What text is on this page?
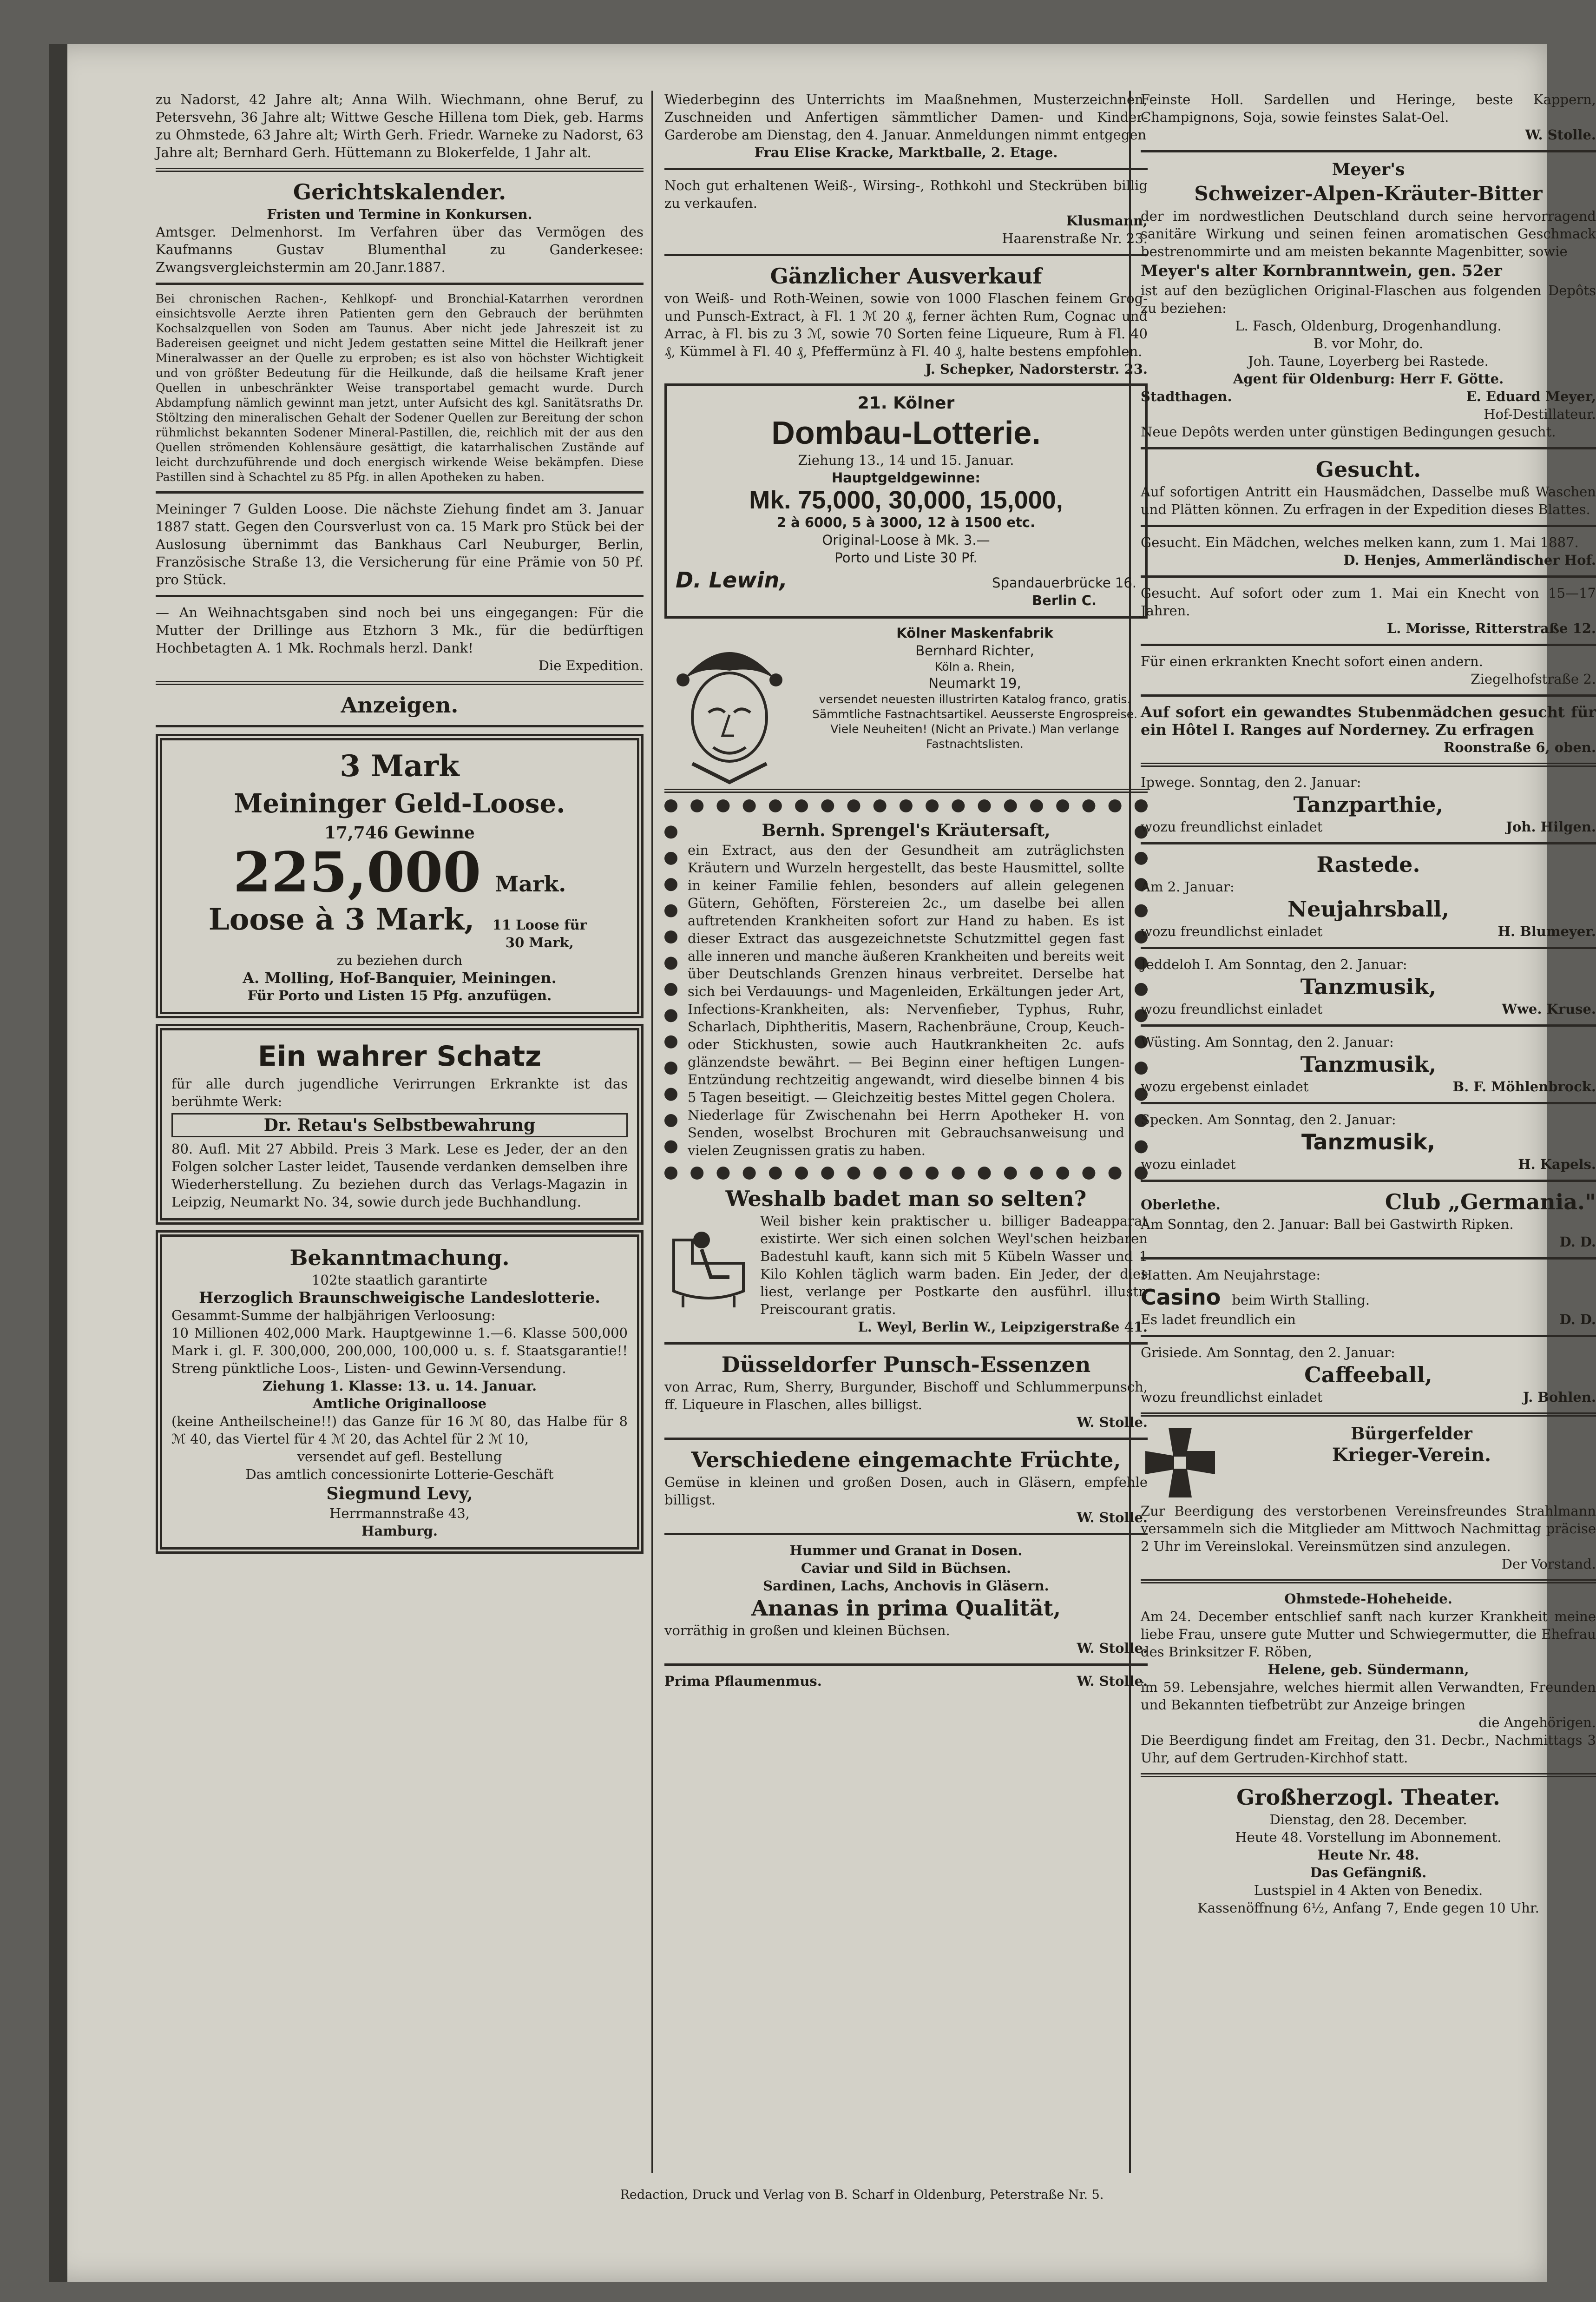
zu Nadorst, 42 Jahre alt; Anna Wilh. Wiechmann, ohne Beruf, zu Petersvehn, 36 Jahre alt; Wittwe Gesche Hillena tom Diek, geb. Harms zu Ohmstede, 63 Jahre alt; Wirth Gerh. Friedr. Warneke zu Nadorst, 63 Jahre alt; Bernhard Gerh. Hüttemann zu Blokerfelde, 1 Jahr alt.

Gerichtskalender.

Fristen und Termine in Konkursen.

Amtsger. Delmenhorst. Im Verfahren über das Vermögen des Kaufmanns Gustav Blumenthal zu Ganderkesee: Zwangsvergleichstermin am 20.Janr.1887.

Bei chronischen Rachen-, Kehlkopf- und Bronchial-Katarrhen verordnen einsichtsvolle Aerzte ihren Patienten gern den Gebrauch der berühmten Kochsalzquellen von Soden am Taunus. Aber nicht jede Jahreszeit ist zu Badereisen geeignet und nicht Jedem gestatten seine Mittel die Heilkraft jener Mineralwasser an der Quelle zu erproben; es ist also von höchster Wichtigkeit und von größter Bedeutung für die Heilkunde, daß die heilsame Kraft jener Quellen in unbeschränkter Weise transportabel gemacht wurde. Durch Abdampfung nämlich gewinnt man jetzt, unter Aufsicht des kgl. Sanitätsraths Dr. Stöltzing den mineralischen Gehalt der Sodener Quellen zur Bereitung der schon rühmlichst bekannten Sodener Mineral-Pastillen, die, reichlich mit der aus den Quellen strömenden Kohlensäure gesättigt, die katarrhalischen Zustände auf leicht durchzuführende und doch energisch wirkende Weise bekämpfen. Diese Pastillen sind à Schachtel zu 85 Pfg. in allen Apotheken zu haben.

Meininger 7 Gulden Loose. Die nächste Ziehung findet am 3. Januar 1887 statt. Gegen den Coursverlust von ca. 15 Mark pro Stück bei der Auslosung übernimmt das Bankhaus Carl Neuburger, Berlin, Französische Straße 13, die Versicherung für eine Prämie von 50 Pf. pro Stück.

— An Weihnachtsgaben sind noch bei uns eingegangen: Für die Mutter der Drillinge aus Etzhorn 3 Mk., für die bedürftigen Hochbetagten A. 1 Mk. Rochmals herzl. Dank!

Die Expedition.

Anzeigen.

3 Mark

Meininger Geld-Loose.

17,746 Gewinne

225,000 Mark.
Loose à 3 Mark, 11 Loose für 30 Mark,

zu beziehen durch

A. Molling, Hof-Banquier, Meiningen.

Für Porto und Listen 15 Pfg. anzufügen.

Ein wahrer Schatz

für alle durch jugendliche Verirrungen Erkrankte ist das berühmte Werk:

Dr. Retau's Selbstbewahrung

80. Aufl. Mit 27 Abbild. Preis 3 Mark. Lese es Jeder, der an den Folgen solcher Laster leidet, Tausende verdanken demselben ihre Wiederherstellung. Zu beziehen durch das Verlags-Magazin in Leipzig, Neumarkt No. 34, sowie durch jede Buchhandlung.

Bekanntmachung.

102te staatlich garantirte

Herzoglich Braunschweigische Landeslotterie.

Gesammt-Summe der halbjährigen Verloosung:

10 Millionen 402,000 Mark. Hauptgewinne 1.—6. Klasse 500,000 Mark i. gl. F. 300,000, 200,000, 100,000 u. s. f. Staatsgarantie!! Streng pünktliche Loos-, Listen- und Gewinn-Versendung.

Ziehung 1. Klasse: 13. u. 14. Januar.

Amtliche Originalloose

(keine Antheilscheine!!) das Ganze für 16 ℳ 80, das Halbe für 8 ℳ 40, das Viertel für 4 ℳ 20, das Achtel für 2 ℳ 10,

versendet auf gefl. Bestellung

Das amtlich concessionirte Lotterie-Geschäft

Siegmund Levy,

Herrmannstraße 43,

Hamburg.

Wiederbeginn des Unterrichts im Maaßnehmen, Musterzeichnen, Zuschneiden und Anfertigen sämmtlicher Damen- und Kinder-Garderobe am Dienstag, den 4. Januar. Anmeldungen nimmt entgegen

Frau Elise Kracke, Marktballe, 2. Etage.

Noch gut erhaltenen Weiß-, Wirsing-, Rothkohl und Steckrüben billig zu verkaufen.

Klusmann,

Haarenstraße Nr. 23.

Gänzlicher Ausverkauf

von Weiß- und Roth-Weinen, sowie von 1000 Flaschen feinem Grog- und Punsch-Extract, à Fl. 1 ℳ 20 ₰, ferner ächten Rum, Cognac und Arrac, à Fl. bis zu 3 ℳ, sowie 70 Sorten feine Liqueure, Rum à Fl. 40 ₰, Kümmel à Fl. 40 ₰, Pfeffermünz à Fl. 40 ₰, halte bestens empfohlen.

J. Schepker, Nadorsterstr. 23.

21. Kölner

Dombau-Lotterie.

Ziehung 13., 14 und 15. Januar.

Hauptgeldgewinne:

Mk. 75,000, 30,000, 15,000,

2 à 6000, 5 à 3000, 12 à 1500 etc.

Original-Loose à Mk. 3.—

Porto und Liste 30 Pf.

D. Lewin,	Spandauerbrücke 16.
Berlin C.

Kölner Maskenfabrik

Bernhard Richter,

Köln a. Rhein,

Neumarkt 19,

versendet neuesten illustrirten Katalog franco, gratis. Sämmtliche Fastnachtsartikel. Aeusserste Engrospreise. Viele Neuheiten! (Nicht an Private.) Man verlange Fastnachtslisten.

Bernh. Sprengel's Kräutersaft,

ein Extract, aus den der Gesundheit am zuträglichsten Kräutern und Wurzeln hergestellt, das beste Hausmittel, sollte in keiner Familie fehlen, besonders auf allein gelegenen Gütern, Gehöften, Förstereien 2c., um daselbe bei allen auftretenden Krankheiten sofort zur Hand zu haben. Es ist dieser Extract das ausgezeichnetste Schutzmittel gegen fast alle inneren und manche äußeren Krankheiten und bereits weit über Deutschlands Grenzen hinaus verbreitet. Derselbe hat sich bei Verdauungs- und Magenleiden, Erkältungen jeder Art, Infections-Krankheiten, als: Nervenfieber, Typhus, Ruhr, Scharlach, Diphtheritis, Masern, Rachenbräune, Croup, Keuch- oder Stickhusten, sowie auch Hautkrankheiten 2c. aufs glänzendste bewährt. — Bei Beginn einer heftigen Lungen-Entzündung rechtzeitig angewandt, wird dieselbe binnen 4 bis 5 Tagen beseitigt. — Gleichzeitig bestes Mittel gegen Cholera.

Niederlage für Zwischenahn bei Herrn Apotheker H. von Senden, woselbst Brochuren mit Gebrauchsanweisung und vielen Zeugnissen gratis zu haben.

Weshalb badet man so selten?

Weil bisher kein praktischer u. billiger Badeapparat existirte. Wer sich einen solchen Weyl'schen heizbaren Badestuhl kauft, kann sich mit 5 Kübeln Wasser und 1 Kilo Kohlen täglich warm baden. Ein Jeder, der dies liest, verlange per Postkarte den ausführl. illustr. Preiscourant gratis.

L. Weyl, Berlin W., Leipzigerstraße 41.

Düsseldorfer Punsch-Essenzen

von Arrac, Rum, Sherry, Burgunder, Bischoff und Schlummerpunsch, ff. Liqueure in Flaschen, alles billigst.

W. Stolle.

Verschiedene eingemachte Früchte,

Gemüse in kleinen und großen Dosen, auch in Gläsern, empfehle billigst.

W. Stolle.

Hummer und Granat in Dosen.

Caviar und Sild in Büchsen.

Sardinen, Lachs, Anchovis in Gläsern.

Ananas in prima Qualität,

vorräthig in großen und kleinen Büchsen.

W. Stolle.

Prima Pflaumenmus.	W. Stolle.

Feinste Holl. Sardellen und Heringe, beste Kappern, Champignons, Soja, sowie feinstes Salat-Oel.

W. Stolle.

Meyer's

Schweizer-Alpen-Kräuter-Bitter

der im nordwestlichen Deutschland durch seine hervorragend sanitäre Wirkung und seinen feinen aromatischen Geschmack bestrenommirte und am meisten bekannte Magenbitter, sowie

Meyer's alter Kornbranntwein, gen. 52er

ist auf den bezüglichen Original-Flaschen aus folgenden Depôts zu beziehen:

L. Fasch, Oldenburg, Drogenhandlung.

B. vor Mohr, do.

Joh. Taune, Loyerberg bei Rastede.

Agent für Oldenburg: Herr F. Götte.

Stadthagen.	E. Eduard Meyer,

Hof-Destillateur.

Neue Depôts werden unter günstigen Bedingungen gesucht.

Gesucht.

Auf sofortigen Antritt ein Hausmädchen, Dasselbe muß Waschen und Plätten können. Zu erfragen in der Expedition dieses Blattes.

Gesucht. Ein Mädchen, welches melken kann, zum 1. Mai 1887.

D. Henjes, Ammerländischer Hof.

Gesucht. Auf sofort oder zum 1. Mai ein Knecht von 15—17 Jahren.

L. Morisse, Ritterstraße 12.

Für einen erkrankten Knecht sofort einen andern.

Ziegelhofstraße 2.

Auf sofort ein gewandtes Stubenmädchen gesucht für ein Hôtel I. Ranges auf Norderney. Zu erfragen

Roonstraße 6, oben.

Ipwege. Sonntag, den 2. Januar:

Tanzparthie,

wozu freundlichst einladet	Joh. Hilgen.

Rastede.

Am 2. Januar:

Neujahrsball,

wozu freundlichst einladet	H. Blumeyer.

Jeddeloh I. Am Sonntag, den 2. Januar:

Tanzmusik,

wozu freundlichst einladet	Wwe. Kruse.

Wüsting. Am Sonntag, den 2. Januar:

Tanzmusik,

wozu ergebenst einladet	B. F. Möhlenbrock.

Specken. Am Sonntag, den 2. Januar:

Tanzmusik,

wozu einladet	H. Kapels.
Oberlethe.	Club „Germania."

Am Sonntag, den 2. Januar: Ball bei Gastwirth Ripken.

D. D.

Hatten. Am Neujahrstage:

Casino beim Wirth Stalling.
Es ladet freundlich ein	D. D.

Grisiede. Am Sonntag, den 2. Januar:

Caffeeball,

wozu freundlichst einladet	J. Bohlen.

Bürgerfelder

Krieger-Verein.

Zur Beerdigung des verstorbenen Vereinsfreundes Strahlmann versammeln sich die Mitglieder am Mittwoch Nachmittag präcise 2 Uhr im Vereinslokal. Vereinsmützen sind anzulegen.

Der Vorstand.

Ohmstede-Hoheheide.

Am 24. December entschlief sanft nach kurzer Krankheit meine liebe Frau, unsere gute Mutter und Schwiegermutter, die Ehefrau des Brinksitzer F. Röben,

Helene, geb. Sündermann,

im 59. Lebensjahre, welches hiermit allen Verwandten, Freunden und Bekannten tiefbetrübt zur Anzeige bringen

die Angehörigen.

Die Beerdigung findet am Freitag, den 31. Decbr., Nachmittags 3 Uhr, auf dem Gertruden-Kirchhof statt.

Großherzogl. Theater.

Dienstag, den 28. December.

Heute 48. Vorstellung im Abonnement.

Heute Nr. 48.

Das Gefängniß.

Lustspiel in 4 Akten von Benedix.

Kassenöffnung 6½, Anfang 7, Ende gegen 10 Uhr.

Redaction, Druck und Verlag von B. Scharf in Oldenburg, Peterstraße Nr. 5.
